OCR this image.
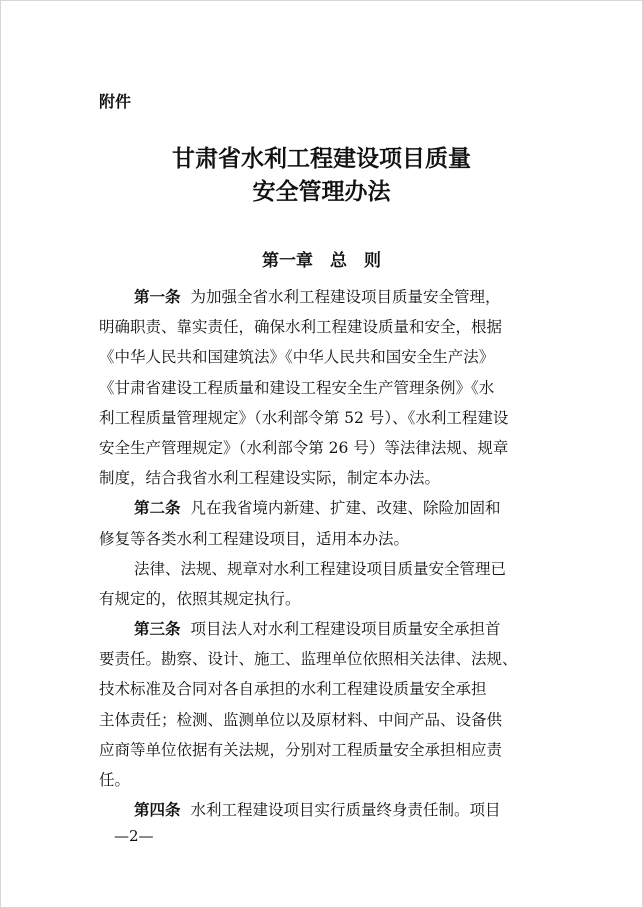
附件
甘肃省水利工程建设项目质量
安全管理办法
第一章　总　则
第一条 为加强全省水利工程建设项目质量安全管理，
明确职责、靠实责任，确保水利工程建设质量和安全，根据
《中华人民共和国建筑法》《中华人民共和国安全生产法》
《甘肃省建设工程质量和建设工程安全生产管理条例》《水
利工程质量管理规定》（水利部令第 52 号）、《水利工程建设
安全生产管理规定》（水利部令第 26 号）等法律法规、规章
制度，结合我省水利工程建设实际，制定本办法。
第二条 凡在我省境内新建、扩建、改建、除险加固和
修复等各类水利工程建设项目，适用本办法。
法律、法规、规章对水利工程建设项目质量安全管理已
有规定的，依照其规定执行。
第三条 项目法人对水利工程建设项目质量安全承担首
要责任。勘察、设计、施工、监理单位依照相关法律、法规、
技术标准及合同对各自承担的水利工程建设质量安全承担
主体责任；检测、监测单位以及原材料、中间产品、设备供
应商等单位依据有关法规，分别对工程质量安全承担相应责
任。
第四条 水利工程建设项目实行质量终身责任制。项目
—2—
